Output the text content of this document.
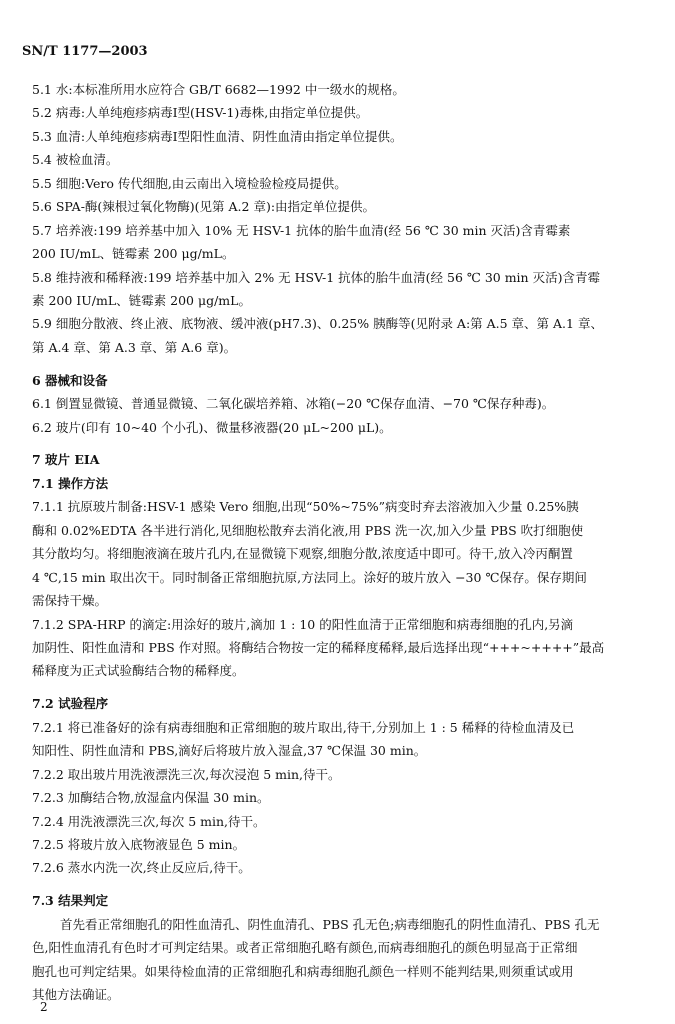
SN/T 1177—2003
5.1 水:本标准所用水应符合 GB/T 6682—1992 中一级水的规格。
5.2 病毒:人单纯疱疹病毒Ⅰ型(HSV-1)毒株,由指定单位提供。
5.3 血清:人单纯疱疹病毒Ⅰ型阳性血清、阴性血清由指定单位提供。
5.4 被检血清。
5.5 细胞:Vero 传代细胞,由云南出入境检验检疫局提供。
5.6 SPA-酶(辣根过氧化物酶)(见第 A.2 章):由指定单位提供。
5.7 培养液:199 培养基中加入 10% 无 HSV-1 抗体的胎牛血清(经 56 ℃ 30 min 灭活)含青霉素
200 IU/mL、链霉素 200 μg/mL。
5.8 维持液和稀释液:199 培养基中加入 2% 无 HSV-1 抗体的胎牛血清(经 56 ℃ 30 min 灭活)含青霉
素 200 IU/mL、链霉素 200 μg/mL。
5.9 细胞分散液、终止液、底物液、缓冲液(pH7.3)、0.25% 胰酶等(见附录 A:第 A.5 章、第 A.1 章、
第 A.4 章、第 A.3 章、第 A.6 章)。
6 器械和设备
6.1 倒置显微镜、普通显微镜、二氧化碳培养箱、冰箱(−20 ℃保存血清、−70 ℃保存种毒)。
6.2 玻片(印有 10~40 个小孔)、微量移液器(20 μL~200 μL)。
7 玻片 EIA
7.1 操作方法
7.1.1 抗原玻片制备:HSV-1 感染 Vero 细胞,出现“50%~75%”病变时弃去溶液加入少量 0.25%胰
酶和 0.02%EDTA 各半进行消化,见细胞松散弃去消化液,用 PBS 洗一次,加入少量 PBS 吹打细胞使
其分散均匀。将细胞液滴在玻片孔内,在显微镜下观察,细胞分散,浓度适中即可。待干,放入冷丙酮置
4 ℃,15 min 取出次干。同时制备正常细胞抗原,方法同上。涂好的玻片放入 −30 ℃保存。保存期间
需保持干燥。
7.1.2 SPA-HRP 的滴定:用涂好的玻片,滴加 1 : 10 的阳性血清于正常细胞和病毒细胞的孔内,另滴
加阴性、阳性血清和 PBS 作对照。将酶结合物按一定的稀释度稀释,最后选择出现“+++~++++”最高
稀释度为正式试验酶结合物的稀释度。
7.2 试验程序
7.2.1 将已准备好的涂有病毒细胞和正常细胞的玻片取出,待干,分别加上 1 : 5 稀释的待检血清及已
知阳性、阴性血清和 PBS,滴好后将玻片放入湿盒,37 ℃保温 30 min。
7.2.2 取出玻片用洗液漂洗三次,每次浸泡 5 min,待干。
7.2.3 加酶结合物,放湿盒内保温 30 min。
7.2.4 用洗液漂洗三次,每次 5 min,待干。
7.2.5 将玻片放入底物液显色 5 min。
7.2.6 蒸水内洗一次,终止反应后,待干。
7.3 结果判定
首先看正常细胞孔的阳性血清孔、阴性血清孔、PBS 孔无色;病毒细胞孔的阴性血清孔、PBS 孔无
色,阳性血清孔有色时才可判定结果。或者正常细胞孔略有颜色,而病毒细胞孔的颜色明显高于正常细
胞孔也可判定结果。如果待检血清的正常细胞孔和病毒细胞孔颜色一样则不能判结果,则须重试或用
其他方法确证。
2
